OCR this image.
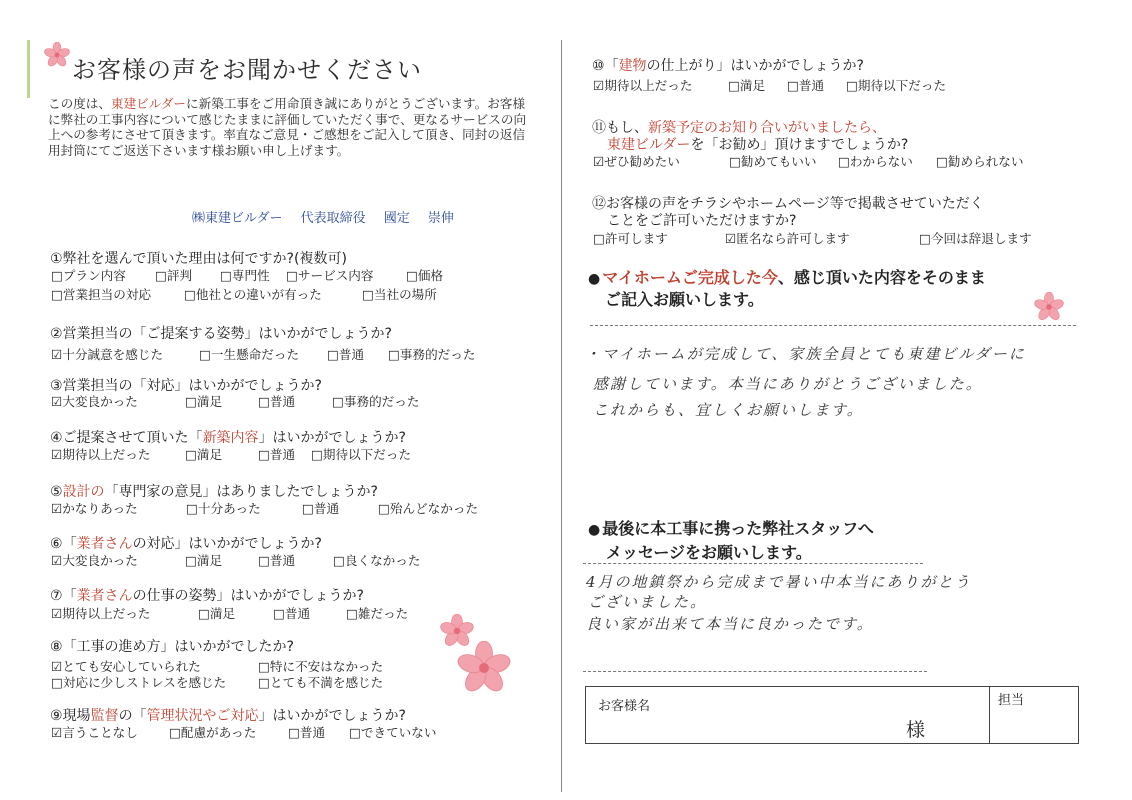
お客様の声をお聞かせください
この度は、東建ビルダーに新築工事をご用命頂き誠にありがとうございます。お客様に弊社の工事内容について感じたままに評価していただく事で、更なるサービスの向上への参考にさせて頂きます。率直なご意見・ご感想をご記入して頂き、同封の返信用封筒にてご返送下さいます様お願い申し上げます。
㈱東建ビルダー 代表取締役 國定 崇伸
①弊社を選んで頂いた理由は何ですか?(複数可)
□プラン内容 □評判 □専門性 □サービス内容	□価格
□営業担当の対応	□他社との違いが有った	□当社の場所
②営業担当の「ご提案する姿勢」はいかがでしょうか?
☑十分誠意を感じた	□一生懸命だった □普通 □事務的だった
③営業担当の「対応」はいかがでしょうか?
☑大変良かった	□満足	□普通	□事務的だった
④ご提案させて頂いた「新築内容」はいかがでしょうか?
☑期待以上だった	□満足	□普通 □期待以下だった
⑤設計の「専門家の意見」はありましたでしょうか?
☑かなりあった	□十分あった	□普通	□殆んどなかった
⑥「業者さんの対応」はいかがでしょうか?
☑大変良かった	□満足	□普通	□良くなかった
⑦「業者さんの仕事の姿勢」はいかがでしょうか?
☑期待以上だった	□満足	□普通	□雑だった
⑧「工事の進め方」はいかがでしたか?
☑とても安心していられた	□特に不安はなかった
□対応に少しストレスを感じた	□とても不満を感じた
⑨現場監督の「管理状況やご対応」はいかがでしょうか?
☑言うことなし □配慮があった	□普通 □できていない
⑩「建物の仕上がり」はいかがでしょうか?
☑期待以上だった	□満足 □普通 □期待以下だった
⑪もし、新築予定のお知り合いがいましたら、
東建ビルダーを「お勧め」頂けますでしょうか?
☑ぜひ勧めたい	□勧めてもいい □わからない □勧められない
⑫お客様の声をチラシやホームページ等で掲載させていただく
ことをご許可いただけますか?
□許可します	☑匿名なら許可します	□今回は辞退します
● マイホームご完成した今、感じ頂いた内容をそのまま
ご記入お願いします。
・マイホームが完成して、家族全員とても東建ビルダーに
感謝しています。本当にありがとうございました。
これからも、宜しくお願いします。
● 最後に本工事に携った弊社スタッフへ
メッセージをお願いします。
4月の地鎮祭から完成まで暑い中本当にありがとう
ございました。
良い家が出来て本当に良かったです。
お客様名
様
担当
